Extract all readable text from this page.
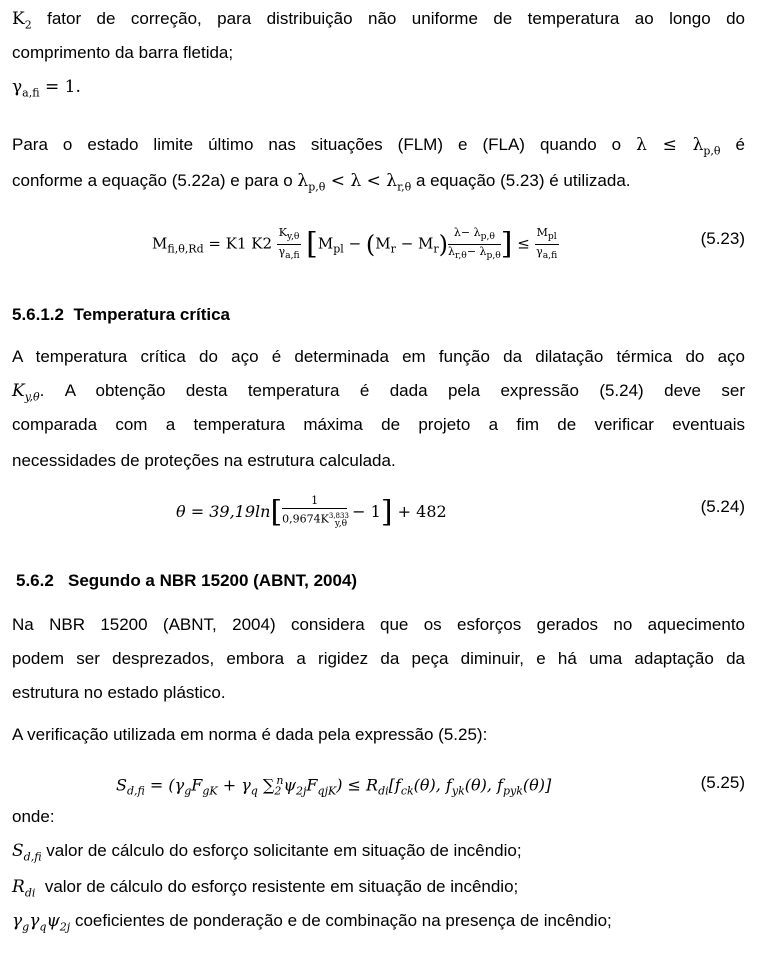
$K_2$ fator de correção, para distribuição não uniforme de temperatura ao longo do
comprimento da barra fletida;
$\gamma_{a,fi} = 1$.
Para o estado limite último nas situações (FLM) e (FLA) quando o $\lambda \le \lambda_{p,\theta}$ é
conforme a equação (5.22a) e para o $\lambda_{p,\theta} < \lambda < \lambda_{r,\theta}$ a equação (5.23) é utilizada.
$M_{fi,\theta,Rd} = K1$ $K2 \frac{K_{y,\theta}}{\gamma_{a,fi}} [M_{pl} - (M_r - M_r) \frac{\lambda- \lambda_{p,\theta}}{\lambda_{r,\theta}- \lambda_{p,\theta}}$ ] ≤ $\frac{M_{pl}}{\gamma_{a,fi}}$	(5.23)
5.6.1.2 Temperatura crítica
A temperatura crítica do aço é determinada em função da dilatação térmica do aço
$K_{y,\theta}$. A obtenção desta temperatura é dada pela expressão (5.24) deve ser
comparada com a temperatura máxima de projeto a fim de verificar eventuais
necessidades de proteções na estrutura calculada.
$\theta = 39,19\ln[ \frac{1}{0,9674K^{3,833}_{y,\theta}} - 1] + 482$	(5.24)
5.6.2 Segundo a NBR 15200 (ABNT, 2004)
Na NBR 15200 (ABNT, 2004) considera que os esforços gerados no aquecimento
podem ser desprezados, embora a rigidez da peça diminuir, e há uma adaptação da
estrutura no estado plástico.
A verificação utilizada em norma é dada pela expressão (5.25):
$S_{d,fi} = (\gamma_gF_{gK} + \gamma_q$ $\sum_2^n\psi_{2j}F_{qjK}) \le R_{di}[f_{ck}(\theta)$, $f_{yk}(\theta)$, $f_{pyk}(\theta)$]	(5.25)
onde:
$S_{d,fi}$ valor de cálculo do esforço solicitante em situação de incêndio;
$R_{di}$ valor de cálculo do esforço resistente em situação de incêndio;
$\gamma_g\gamma_q\psi_{2j}$ coeficientes de ponderação e de combinação na presença de incêndio;
